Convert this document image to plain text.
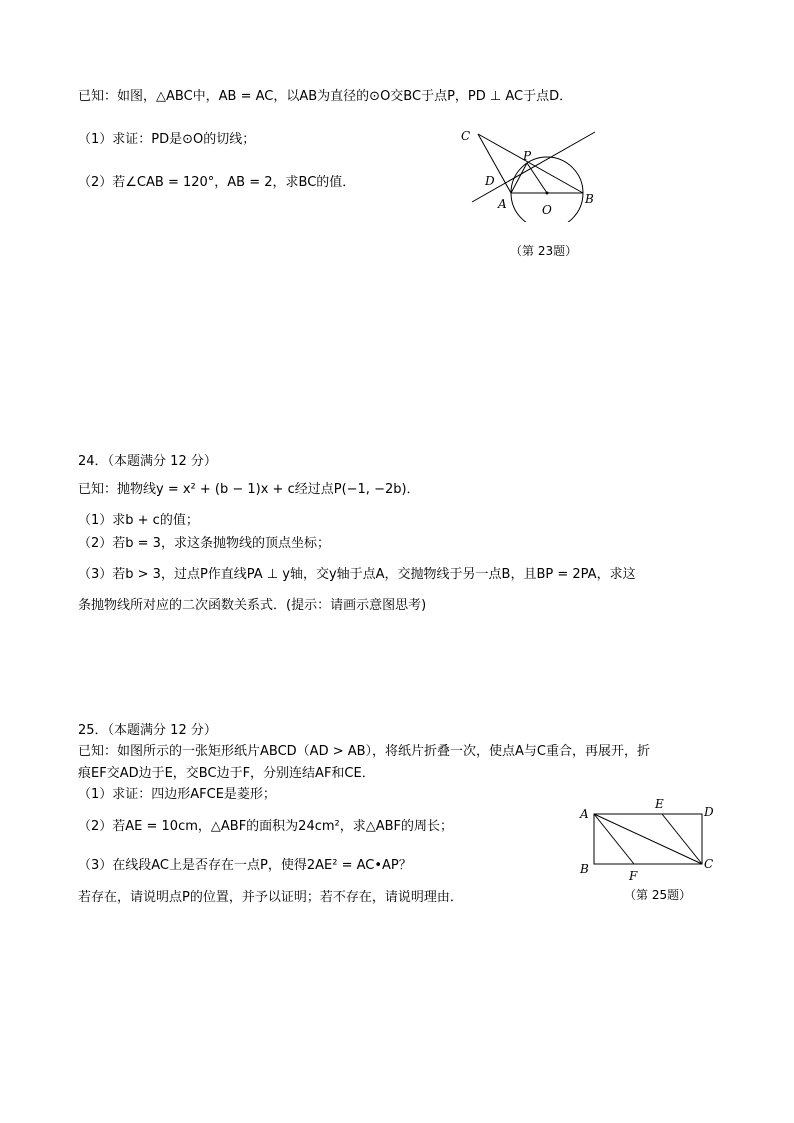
已知：如图，△ABC中，AB = AC，以AB为直径的⊙O交BC于点P，PD ⊥ AC于点D．
（1）求证：PD是⊙O的切线；
（2）若∠CAB = 120°，AB = 2，求BC的值．
C
P
D
A	O
B
（第 23题）
24．（本题满分 12 分）
已知：抛物线y = x² + (b − 1)x + c经过点P(−1, −2b)．
（1）求b + c的值；
（2）若b = 3，求这条抛物线的顶点坐标；
（3）若b > 3，过点P作直线PA ⊥ y轴，交y轴于点A，交抛物线于另一点B，且BP = 2PA，求这
条抛物线所对应的二次函数关系式．(提示：请画示意图思考)
25．（本题满分 12 分）
已知：如图所示的一张矩形纸片ABCD（AD > AB），将纸片折叠一次，使点A与C重合，再展开，折
痕EF交AD边于E，交BC边于F，分别连结AF和CE．
（1）求证：四边形AFCE是菱形；
（2）若AE = 10cm，△ABF的面积为24cm²，求△ABF的周长；
（3）在线段AC上是否存在一点P，使得2AE² = AC•AP？
若存在，请说明点P的位置，并予以证明；若不存在，请说明理由．
A
E
D
B	F
C
（第 25题）
